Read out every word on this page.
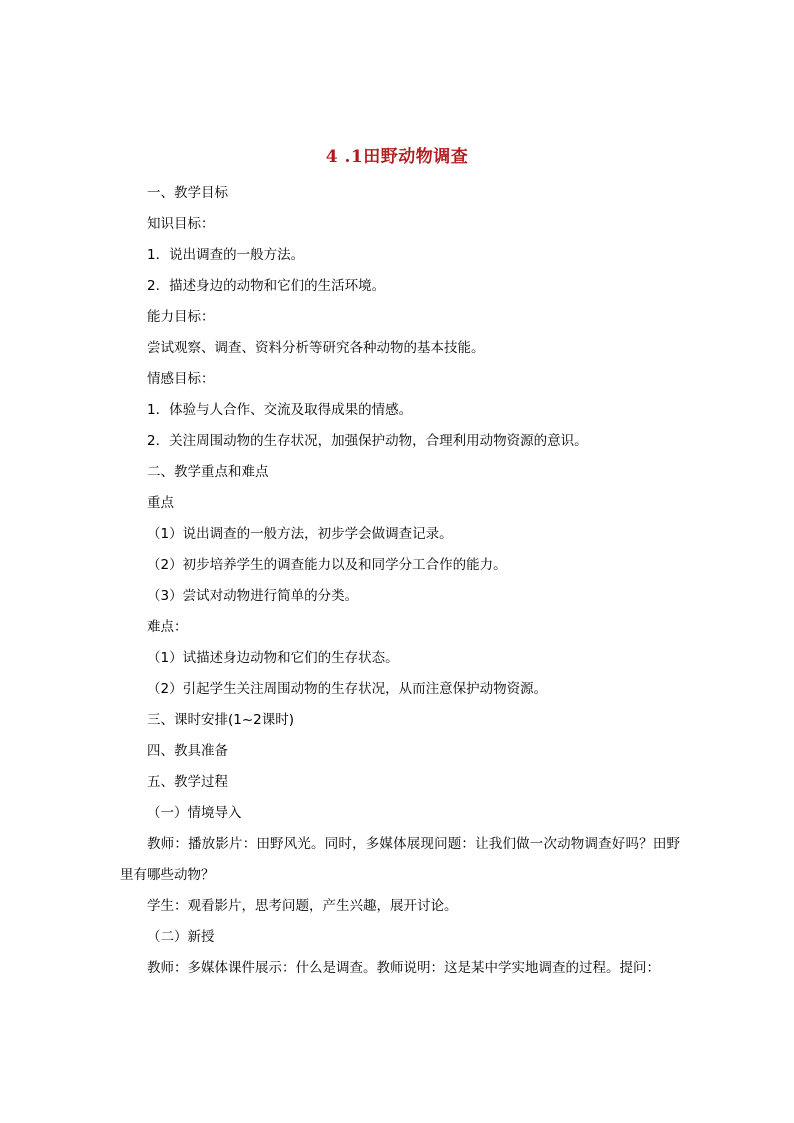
4 .1田野动物调查
一、教学目标
知识目标：
1．说出调查的一般方法。
2．描述身边的动物和它们的生活环境。
能力目标：
尝试观察、调查、资料分析等研究各种动物的基本技能。
情感目标：
1．体验与人合作、交流及取得成果的情感。
2．关注周围动物的生存状况，加强保护动物，合理利用动物资源的意识。
二、教学重点和难点
重点
（1）说出调查的一般方法，初步学会做调查记录。
（2）初步培养学生的调查能力以及和同学分工合作的能力。
（3）尝试对动物进行简单的分类。
难点：
（1）试描述身边动物和它们的生存状态。
（2）引起学生关注周围动物的生存状况，从而注意保护动物资源。
三、课时安排(1~2课时)
四、教具准备
五、教学过程
（一）情境导入
教师：播放影片：田野风光。同时，多媒体展现问题：让我们做一次动物调查好吗？田野里有哪些动物？
学生：观看影片，思考问题，产生兴趣，展开讨论。
（二）新授
教师：多媒体课件展示：什么是调查。教师说明：这是某中学实地调查的过程。提问：
